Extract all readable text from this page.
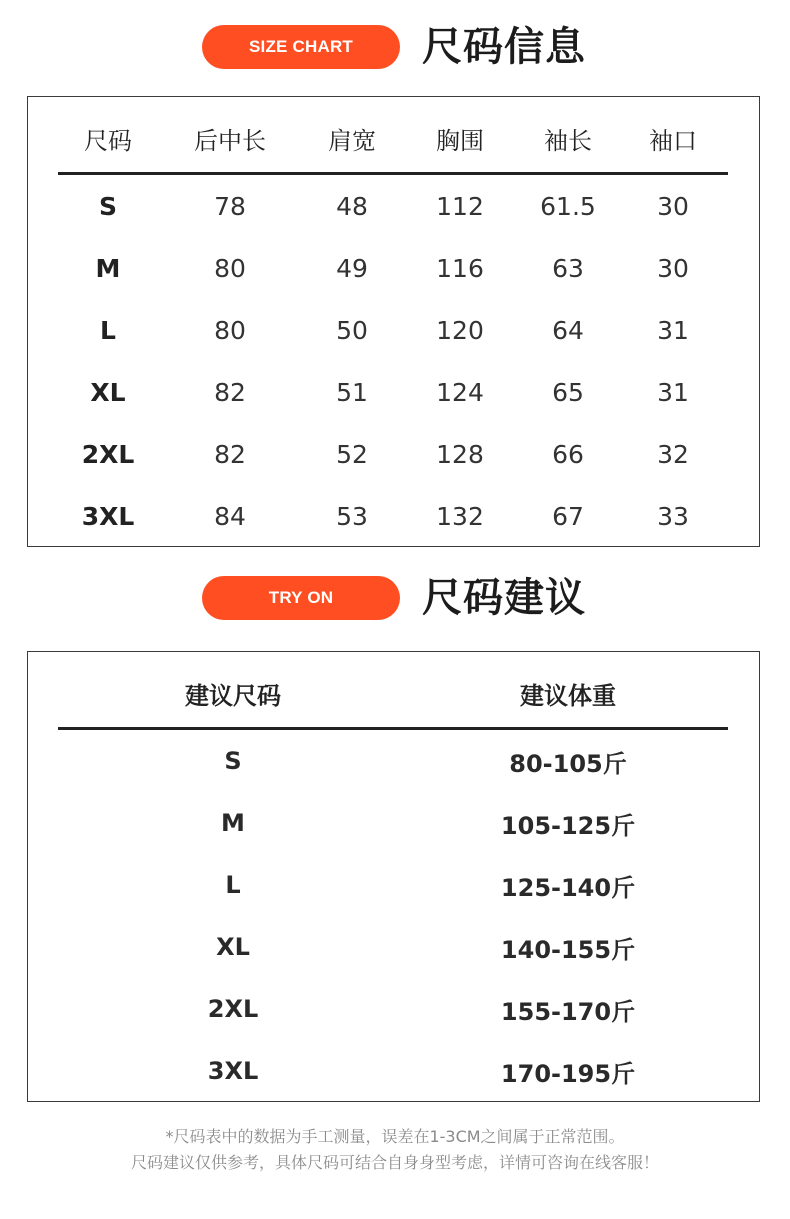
SIZE CHART	尺码信息
尺码	后中长	肩宽	胸围	袖长	袖口
S	78	48	112	61.5	30
M	80	49	116	63	30
L	80	50	120	64	31
XL	82	51	124	65	31
2XL	82	52	128	66	32
3XL	84	53	132	67	33
TRY ON	尺码建议
建议尺码	建议体重
S	80-105斤
M	105-125斤
L	125-140斤
XL	140-155斤
2XL	155-170斤
3XL	170-195斤
*尺码表中的数据为手工测量，误差在1-3CM之间属于正常范围。
尺码建议仅供参考，具体尺码可结合自身身型考虑，详情可咨询在线客服！
